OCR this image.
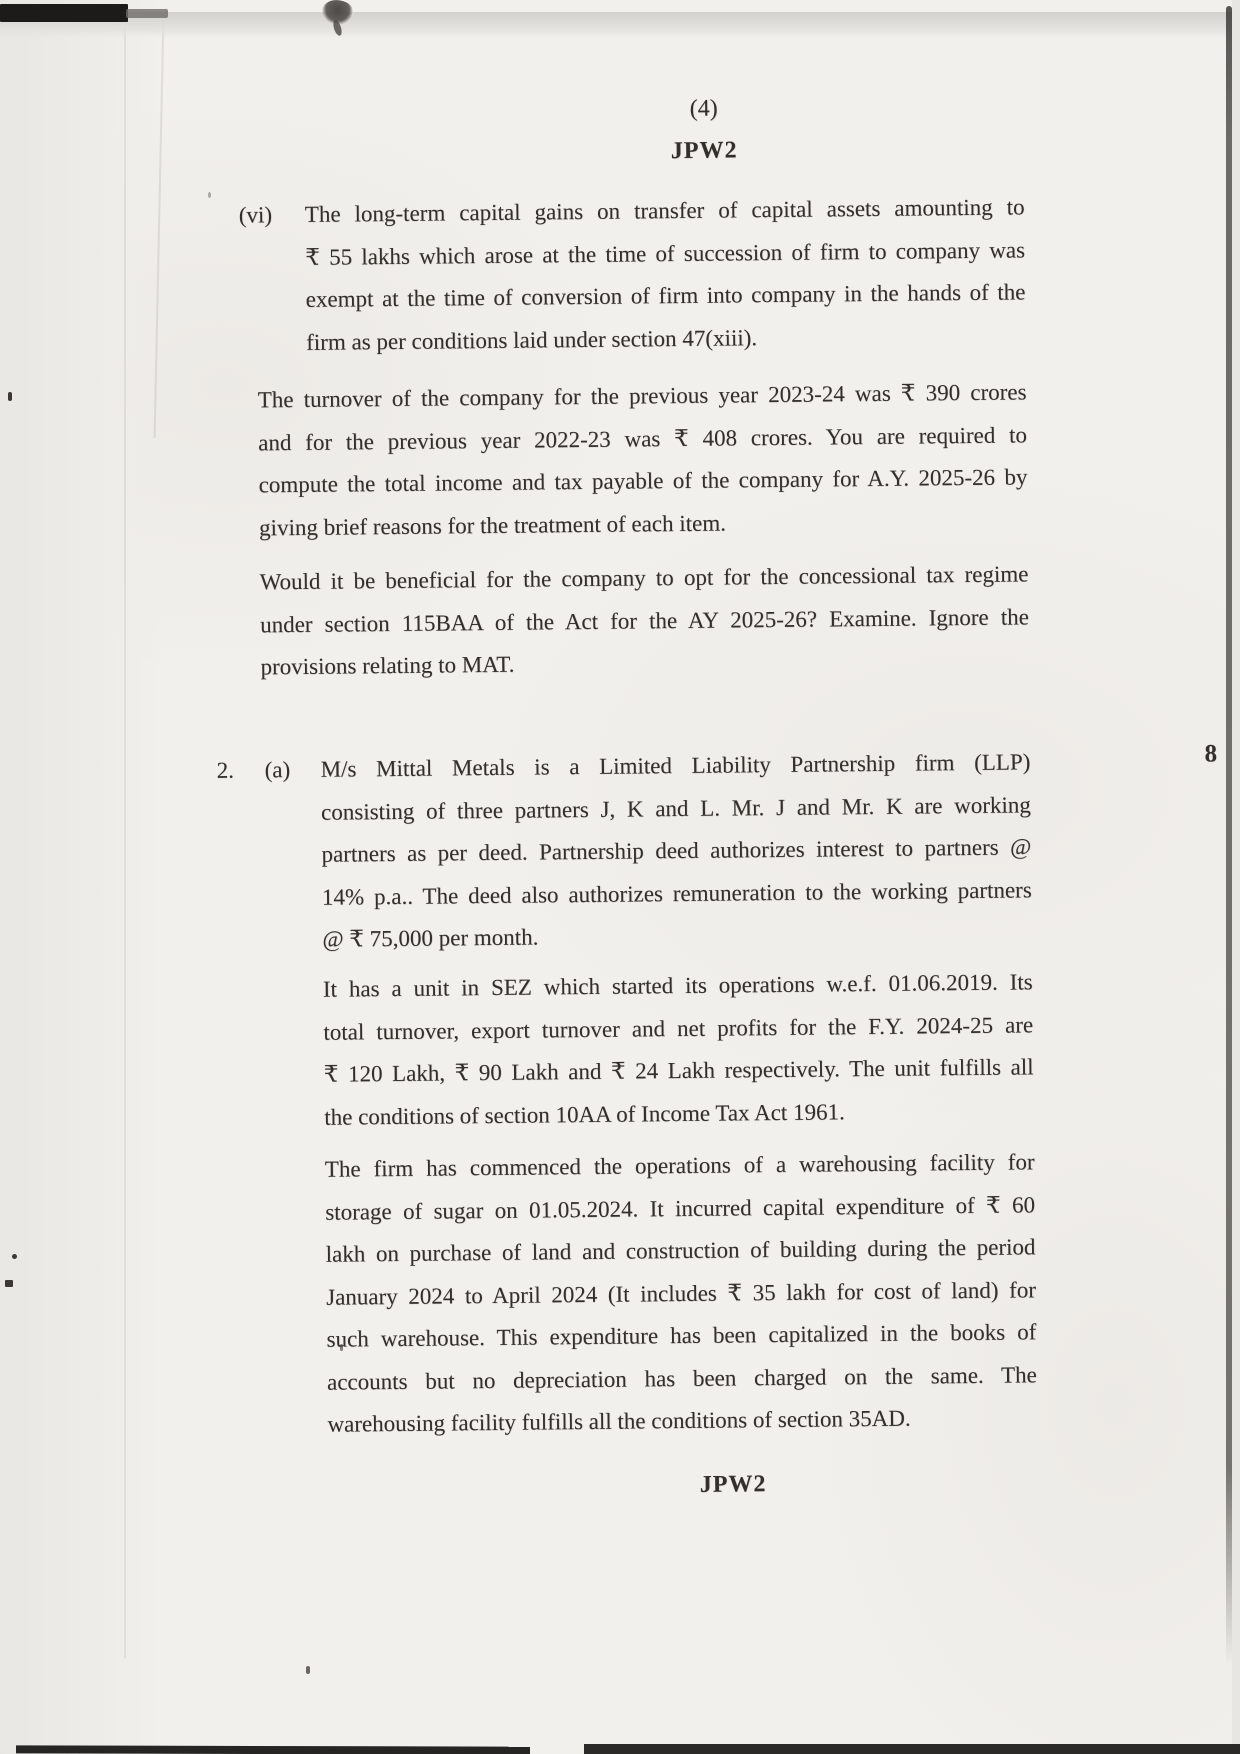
(4)
JPW2
(vi) The long-term capital gains on transfer of capital assets amounting to
₹ 55 lakhs which arose at the time of succession of firm to company was
exempt at the time of conversion of firm into company in the hands of the
firm as per conditions laid under section 47(xiii).
The turnover of the company for the previous year 2023-24 was ₹ 390 crores
and for the previous year 2022-23 was ₹ 408 crores. You are required to
compute the total income and tax payable of the company for A.Y. 2025-26 by
giving brief reasons for the treatment of each item.
Would it be beneficial for the company to opt for the concessional tax regime
under section 115BAA of the Act for the AY 2025-26? Examine. Ignore the
provisions relating to MAT.
2. (a)
8
M/s Mittal Metals is a Limited Liability Partnership firm (LLP)
consisting of three partners J, K and L. Mr. J and Mr. K are working
partners as per deed. Partnership deed authorizes interest to partners @
14% p.a.. The deed also authorizes remuneration to the working partners
@ ₹ 75,000 per month.
It has a unit in SEZ which started its operations w.e.f. 01.06.2019. Its
total turnover, export turnover and net profits for the F.Y. 2024-25 are
₹ 120 Lakh, ₹ 90 Lakh and ₹ 24 Lakh respectively. The unit fulfills all
the conditions of section 10AA of Income Tax Act 1961.
The firm has commenced the operations of a warehousing facility for
storage of sugar on 01.05.2024. It incurred capital expenditure of ₹ 60
lakh on purchase of land and construction of building during the period
January 2024 to April 2024 (It includes ₹ 35 lakh for cost of land) for
such warehouse. This expenditure has been capitalized in the books of
accounts but no depreciation has been charged on the same. The
warehousing facility fulfills all the conditions of section 35AD.
JPW2
